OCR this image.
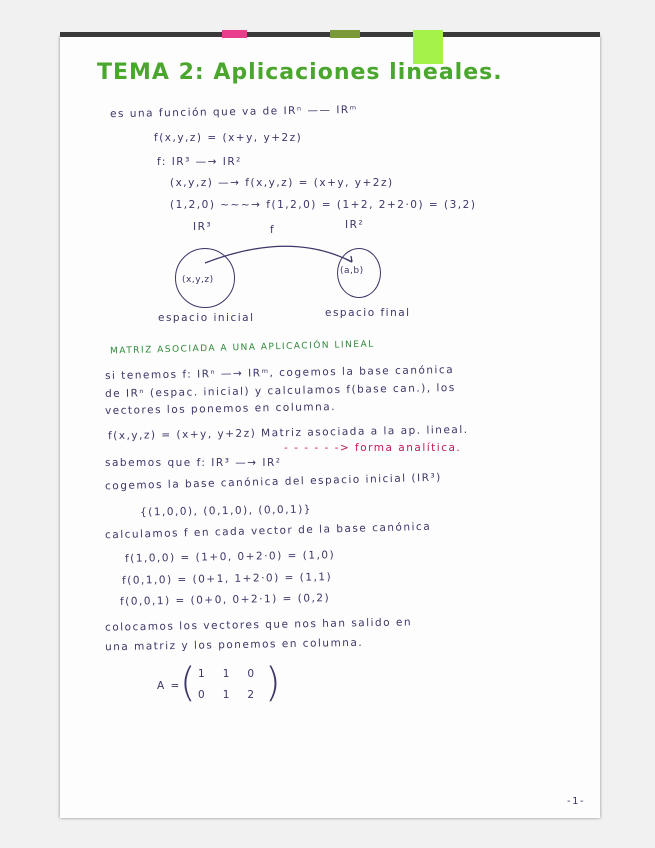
TEMA 2: Aplicaciones lineales.
es una función que va de IRⁿ —— IRᵐ
f(x,y,z) = (x+y, y+2z)
f: IR³ —→ IR²
(x,y,z) —→ f(x,y,z) = (x+y, y+2z)
(1,2,0) ~~~→ f(1,2,0) = (1+2, 2+2·0) = (3,2)
IR³	f	IR²
(x,y,z)
(a,b)
espacio inicial	espacio final
MATRIZ ASOCIADA A UNA APLICACIÓN LINEAL
si tenemos f: IRⁿ —→ IRᵐ, cogemos la base canónica
de IRⁿ (espac. inicial) y calculamos f(base can.), los
vectores los ponemos en columna.
f(x,y,z) = (x+y, y+2z) Matriz asociada a la ap. lineal.
- - - - - -> forma analítica.
sabemos que f: IR³ —→ IR²
cogemos la base canónica del espacio inicial (IR³)
{(1,0,0), (0,1,0), (0,0,1)}
calculamos f en cada vector de la base canónica
f(1,0,0) = (1+0, 0+2·0) = (1,0)
f(0,1,0) = (0+1, 1+2·0) = (1,1)
f(0,0,1) = (0+0, 0+2·1) = (0,2)
colocamos los vectores que nos han salido en
una matriz y los ponemos en columna.
A = ( )
1   1   0
0   1   2
-1-
